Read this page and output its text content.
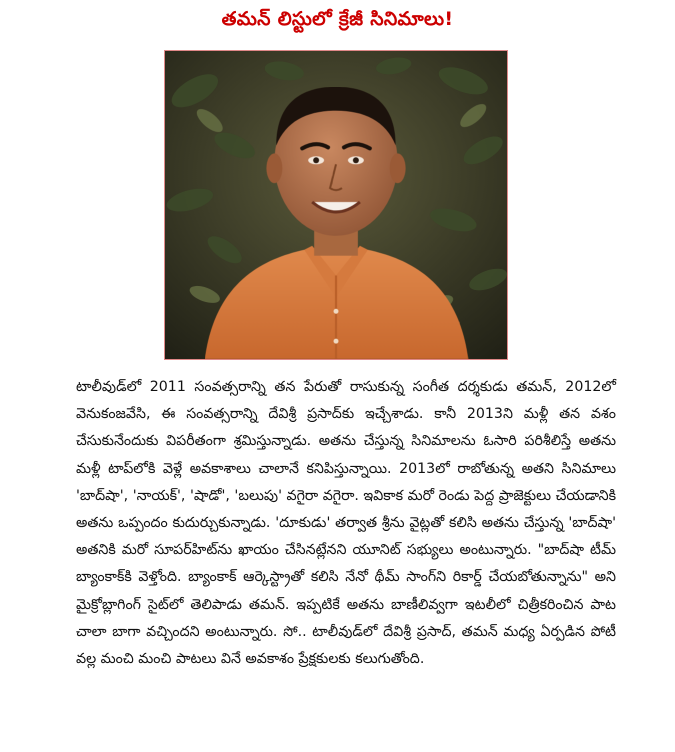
తమన్ లిస్టులో క్రేజీ సినిమాలు!

టాలీవుడ్‌లో 2011 సంవత్సరాన్ని తన పేరుతో రాసుకున్న సంగీత దర్శకుడు తమన్, 2012లో వెనుకంజవేసి, ఈ సంవత్సరాన్ని దేవిశ్రీ ప్రసాద్‌కు ఇచ్చేశాడు. కానీ 2013ని మళ్లీ తన వశం చేసుకునేందుకు విపరీతంగా శ్రమిస్తున్నాడు. అతను చేస్తున్న సినిమాలను ఓసారి పరిశీలిస్తే అతను మళ్లీ టాప్‌లోకి వెళ్లే అవకాశాలు చాలానే కనిపిస్తున్నాయి. 2013లో రాబోతున్న అతని సినిమాలు 'బాద్‌షా', 'నాయక్', 'షాడో', 'బలుపు' వగైరా వగైరా. ఇవికాక మరో రెండు పెద్ద ప్రాజెక్టులు చేయడానికి అతను ఒప్పందం కుదుర్చుకున్నాడు. 'దూకుడు' తర్వాత శ్రీను వైట్లతో కలిసి అతను చేస్తున్న 'బాద్‌షా' అతనికి మరో సూపర్‌హిట్‌ను ఖాయం చేసినట్లేనని యూనిట్ సభ్యులు అంటున్నారు. "బాద్‌షా టీమ్ బ్యాంకాక్‌కి వెళ్తోంది. బ్యాంకాక్ ఆర్కెస్ట్రాతో కలిసి నేనో థీమ్ సాంగ్‌ని రికార్డ్ చేయబోతున్నాను" అని మైక్రోబ్లాగింగ్ సైట్‌లో తెలిపాడు తమన్. ఇప్పటికే అతను బాణీలివ్వగా ఇటలీలో చిత్రీకరించిన పాట చాలా బాగా వచ్చిందని అంటున్నారు. సో.. టాలీవుడ్‌లో దేవిశ్రీ ప్రసాద్, తమన్ మధ్య ఏర్పడిన పోటీ వల్ల మంచి మంచి పాటలు వినే అవకాశం ప్రేక్షకులకు కలుగుతోంది.
